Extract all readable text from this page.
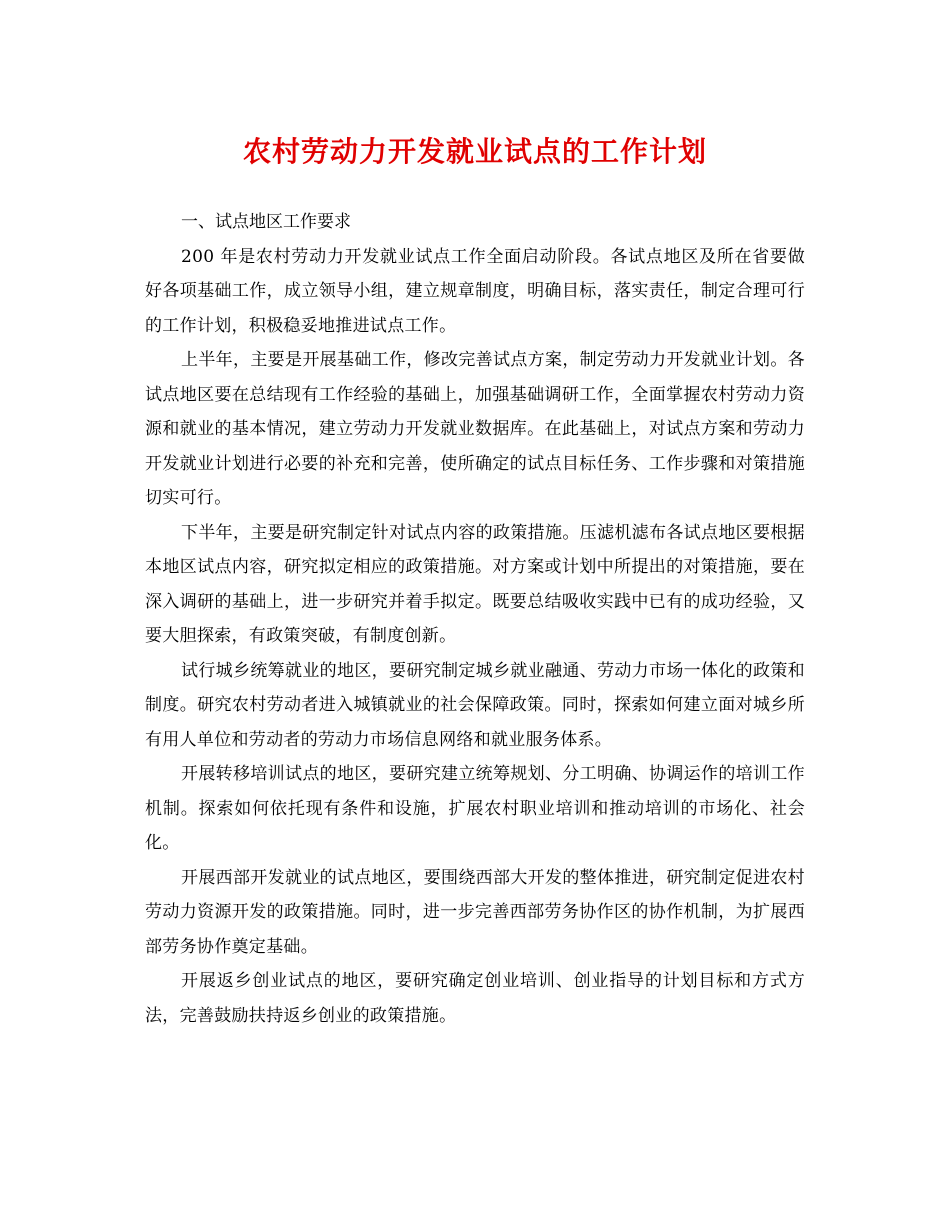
农村劳动力开发就业试点的工作计划

一、试点地区工作要求

200 年是农村劳动力开发就业试点工作全面启动阶段。各试点地区及所在省要做好各项基础工作，成立领导小组，建立规章制度，明确目标，落实责任，制定合理可行的工作计划，积极稳妥地推进试点工作。

上半年，主要是开展基础工作，修改完善试点方案，制定劳动力开发就业计划。各试点地区要在总结现有工作经验的基础上，加强基础调研工作，全面掌握农村劳动力资源和就业的基本情况，建立劳动力开发就业数据库。在此基础上，对试点方案和劳动力开发就业计划进行必要的补充和完善，使所确定的试点目标任务、工作步骤和对策措施切实可行。

下半年，主要是研究制定针对试点内容的政策措施。压滤机滤布各试点地区要根据本地区试点内容，研究拟定相应的政策措施。对方案或计划中所提出的对策措施，要在深入调研的基础上，进一步研究并着手拟定。既要总结吸收实践中已有的成功经验，又要大胆探索，有政策突破，有制度创新。

试行城乡统筹就业的地区，要研究制定城乡就业融通、劳动力市场一体化的政策和制度。研究农村劳动者进入城镇就业的社会保障政策。同时，探索如何建立面对城乡所有用人单位和劳动者的劳动力市场信息网络和就业服务体系。

开展转移培训试点的地区，要研究建立统筹规划、分工明确、协调运作的培训工作机制。探索如何依托现有条件和设施，扩展农村职业培训和推动培训的市场化、社会化。

开展西部开发就业的试点地区，要围绕西部大开发的整体推进，研究制定促进农村劳动力资源开发的政策措施。同时，进一步完善西部劳务协作区的协作机制，为扩展西部劳务协作奠定基础。

开展返乡创业试点的地区，要研究确定创业培训、创业指导的计划目标和方式方法，完善鼓励扶持返乡创业的政策措施。
